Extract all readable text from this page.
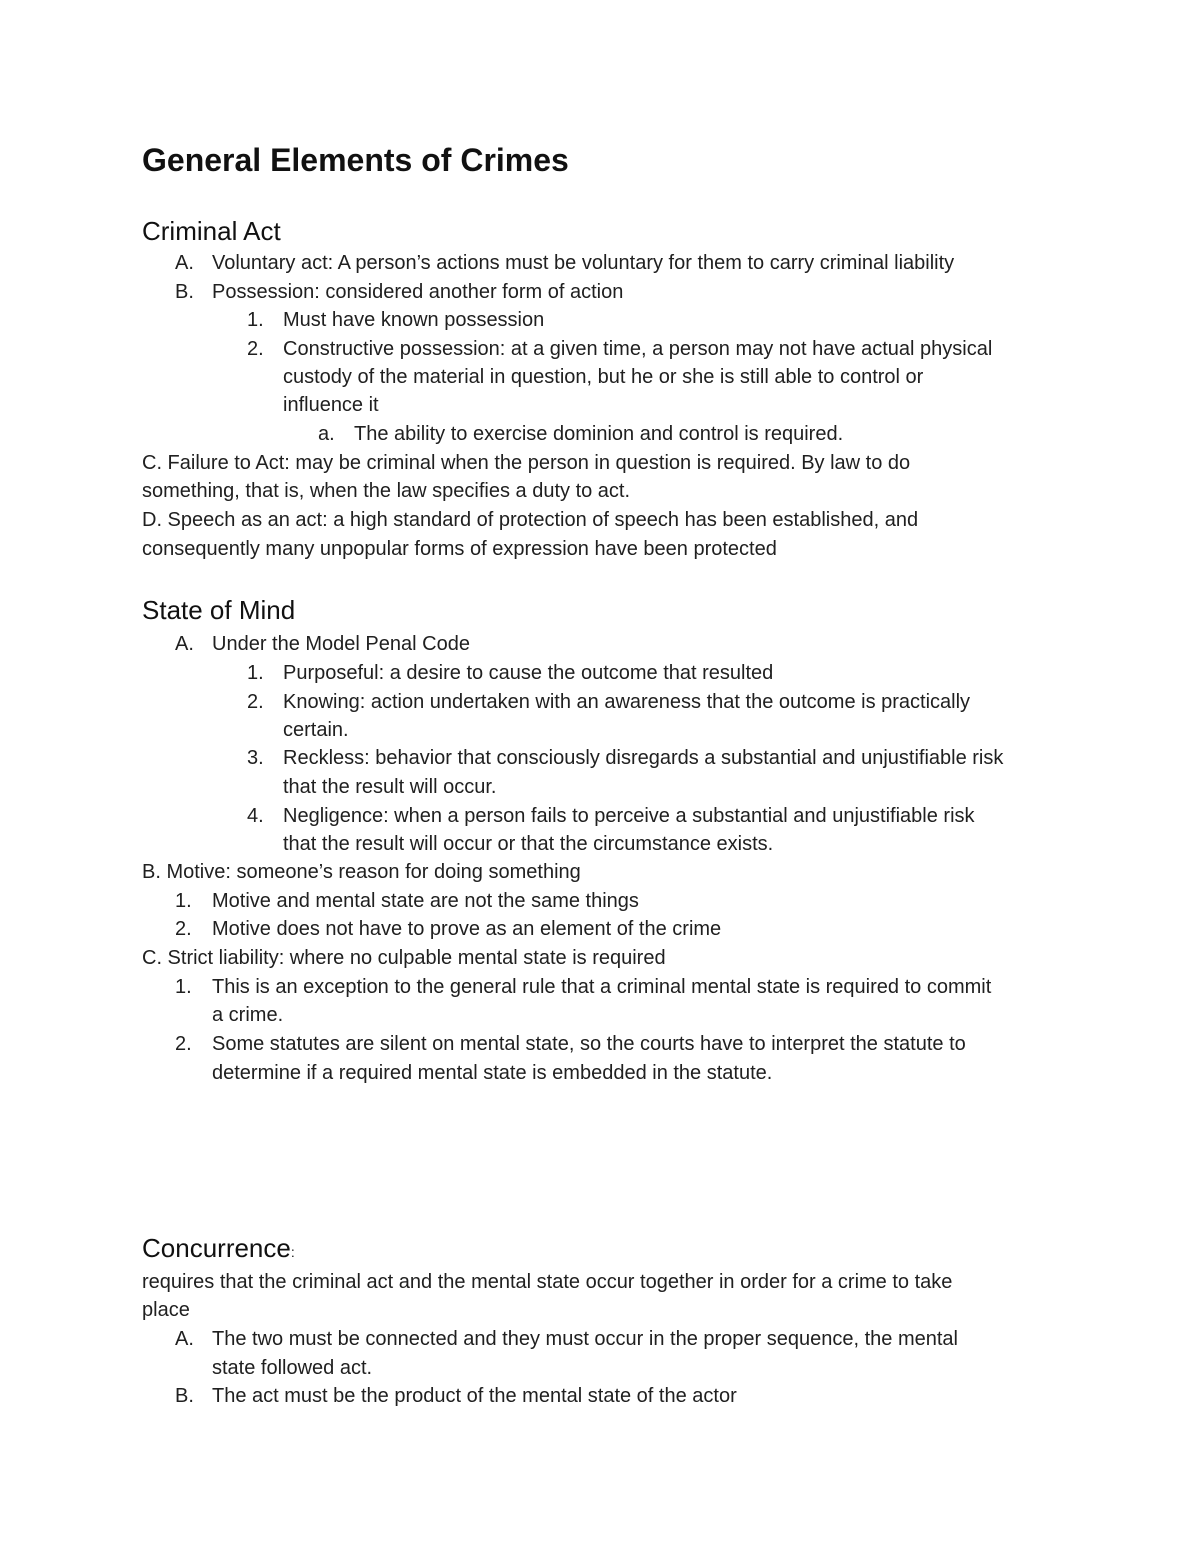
General Elements of Crimes
Criminal Act
A. Voluntary act: A person’s actions must be voluntary for them to carry criminal liability
B. Possession: considered another form of action
1. Must have known possession
2. Constructive possession: at a given time, a person may not have actual physical
custody of the material in question, but he or she is still able to control or
influence it
a. The ability to exercise dominion and control is required.
C. Failure to Act: may be criminal when the person in question is required. By law to do
something, that is, when the law specifies a duty to act.
D. Speech as an act: a high standard of protection of speech has been established, and
consequently many unpopular forms of expression have been protected
State of Mind
A. Under the Model Penal Code
1. Purposeful: a desire to cause the outcome that resulted
2. Knowing: action undertaken with an awareness that the outcome is practically
certain.
3. Reckless: behavior that consciously disregards a substantial and unjustifiable risk
that the result will occur.
4. Negligence: when a person fails to perceive a substantial and unjustifiable risk
that the result will occur or that the circumstance exists.
B. Motive: someone’s reason for doing something
1. Motive and mental state are not the same things
2. Motive does not have to prove as an element of the crime
C. Strict liability: where no culpable mental state is required
1. This is an exception to the general rule that a criminal mental state is required to commit
a crime.
2. Some statutes are silent on mental state, so the courts have to interpret the statute to
determine if a required mental state is embedded in the statute.
Concurrence:
requires that the criminal act and the mental state occur together in order for a crime to take
place
A. The two must be connected and they must occur in the proper sequence, the mental
state followed act.
B. The act must be the product of the mental state of the actor
